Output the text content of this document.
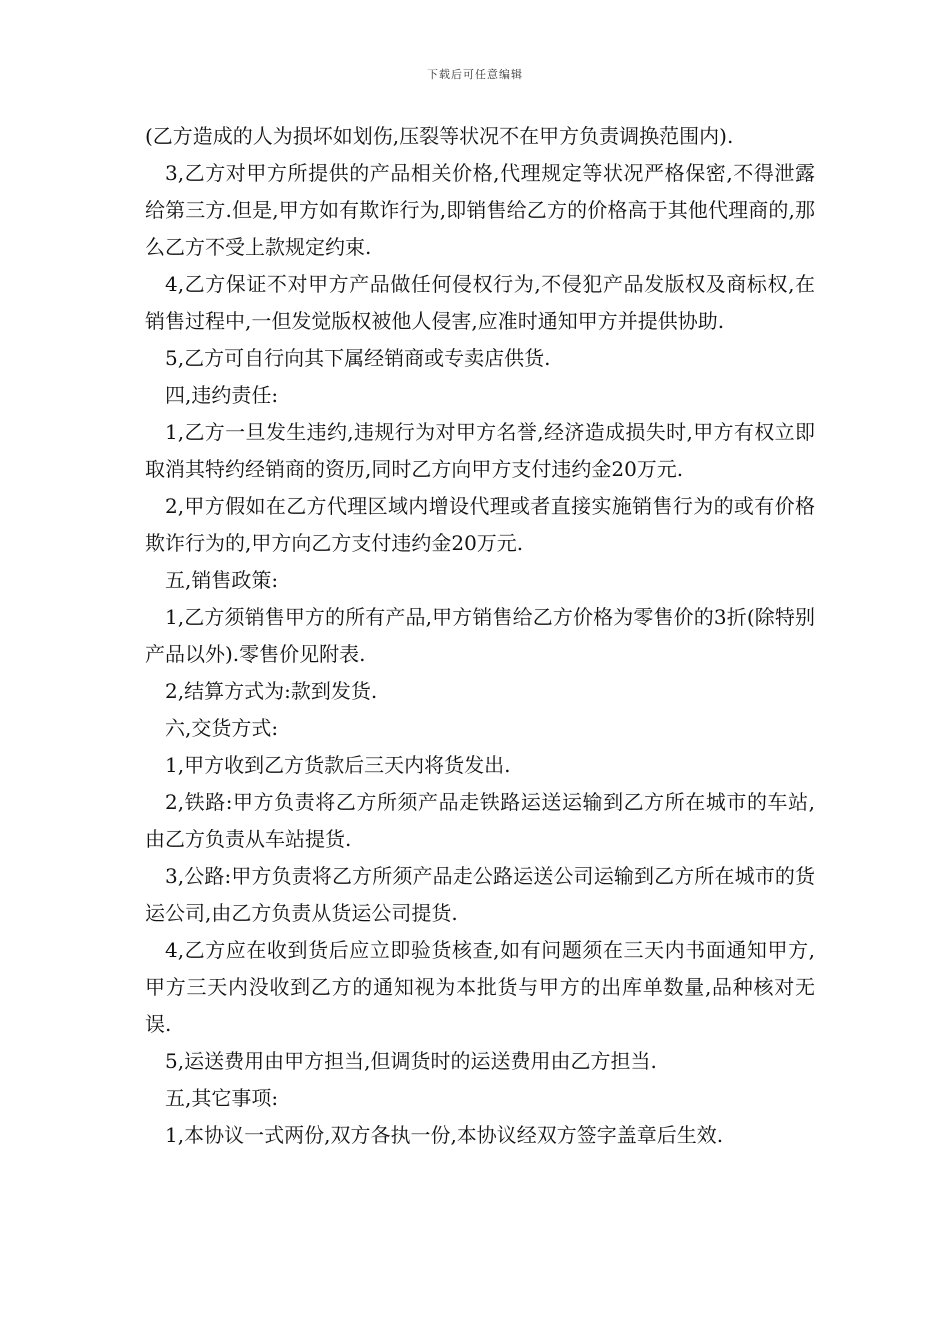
下载后可任意编辑

(乙方造成的人为损坏如划伤,压裂等状况不在甲方负责调换范围内).

3,乙方对甲方所提供的产品相关价格,代理规定等状况严格保密,不得泄露给第三方.但是,甲方如有欺诈行为,即销售给乙方的价格高于其他代理商的,那么乙方不受上款规定约束.

4,乙方保证不对甲方产品做任何侵权行为,不侵犯产品发版权及商标权,在销售过程中,一但发觉版权被他人侵害,应准时通知甲方并提供协助.

5,乙方可自行向其下属经销商或专卖店供货.

四,违约责任:

1,乙方一旦发生违约,违规行为对甲方名誉,经济造成损失时,甲方有权立即取消其特约经销商的资历,同时乙方向甲方支付违约金20万元.

2,甲方假如在乙方代理区域内增设代理或者直接实施销售行为的或有价格欺诈行为的,甲方向乙方支付违约金20万元.

五,销售政策:

1,乙方须销售甲方的所有产品,甲方销售给乙方价格为零售价的3折(除特别产品以外).零售价见附表.

2,结算方式为:款到发货.

六,交货方式:

1,甲方收到乙方货款后三天内将货发出.

2,铁路:甲方负责将乙方所须产品走铁路运送运输到乙方所在城市的车站,由乙方负责从车站提货.

3,公路:甲方负责将乙方所须产品走公路运送公司运输到乙方所在城市的货运公司,由乙方负责从货运公司提货.

4,乙方应在收到货后应立即验货核查,如有问题须在三天内书面通知甲方,甲方三天内没收到乙方的通知视为本批货与甲方的出库单数量,品种核对无误.

5,运送费用由甲方担当,但调货时的运送费用由乙方担当.

五,其它事项:

1,本协议一式两份,双方各执一份,本协议经双方签字盖章后生效.
